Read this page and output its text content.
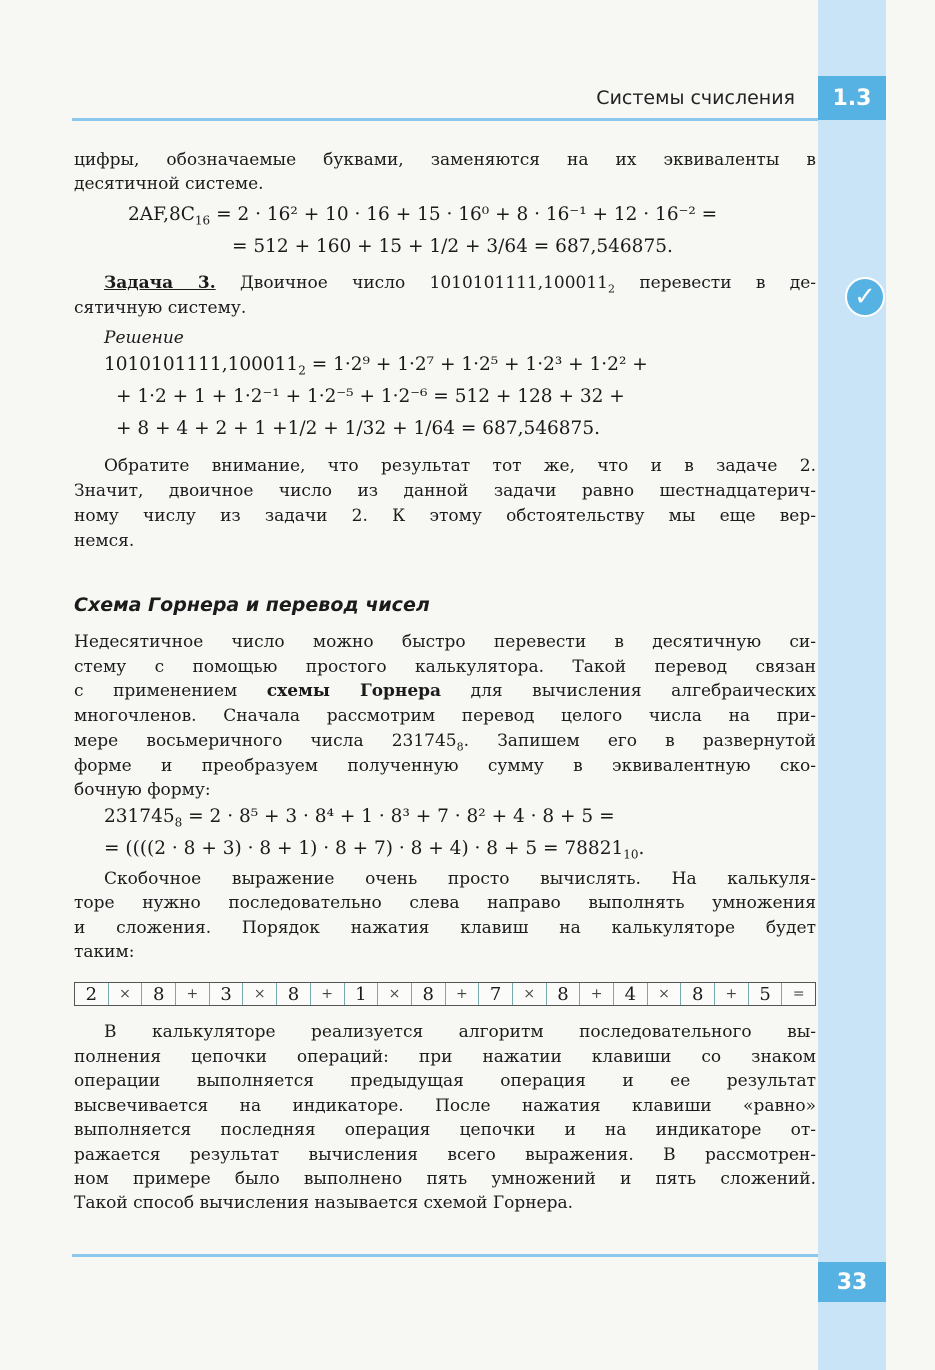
Системы счисления	1.3
✓
цифры, обозначаемые буквами, заменяются на их эквиваленты в
десятичной системе.
$2AF,8C_{16} = 2 \cdot 16^2 + 10 \cdot 16 + 15 \cdot 16^0 + 8 \cdot 16^{-1} + 12 \cdot 16^{-2}$ =
= 512 + 160 + 15 + 1/2 + 3/64 = 687,546875.
Задача 3. Двоичное число $1010101111,100011_2$ перевести в де-
сятичную систему.
Решение
$1010101111,100011_2 = 1\cdot 2^9 + 1\cdot 2^7 + 1\cdot 2^5 + 1\cdot 2^3 + 1\cdot 2^2$ +
+ 1·2 + 1 + 1·2⁻¹ + 1·2⁻⁵ + 1·2⁻⁶ = 512 + 128 + 32 +
+ 8 + 4 + 2 + 1 +1/2 + 1/32 + 1/64 = 687,546875.
Обратите внимание, что результат тот же, что и в задаче 2.
Значит, двоичное число из данной задачи равно шестнадцатерич-
ному числу из задачи 2. К этому обстоятельству мы еще вер-
немся.
Схема Горнера и перевод чисел
Недесятичное число можно быстро перевести в десятичную си-
стему с помощью простого калькулятора. Такой перевод связан
с применением схемы Горнера для вычисления алгебраических
многочленов. Сначала рассмотрим перевод целого числа на при-
мере восьмеричного числа $231745_8$. Запишем его в развернутой
форме и преобразуем полученную сумму в эквивалентную ско-
бочную форму:
$231745_8 = 2 \cdot 8^5 + 3 \cdot 8^4 + 1 \cdot 8^3 + 7 \cdot 8^2 + 4 \cdot 8 + 5$ =
= $((((2 \cdot 8 + 3) \cdot 8 + 1) \cdot 8 + 7) \cdot 8 + 4) \cdot 8 + 5 = 78821_{10}$.
Скобочное выражение очень просто вычислять. На калькуля-
торе нужно последовательно слева направо выполнять умножения
и сложения. Порядок нажатия клавиш на калькуляторе будет
таким:
2	×	8	+	3	×	8	+	1	×	8	+	7	×	8	+	4	×	8	+	5	=
В калькуляторе реализуется алгоритм последовательного вы-
полнения цепочки операций: при нажатии клавиши со знаком
операции выполняется предыдущая операция и ее результат
высвечивается на индикаторе. После нажатия клавиши «равно»
выполняется последняя операция цепочки и на индикаторе от-
ражается результат вычисления всего выражения. В рассмотрен-
ном примере было выполнено пять умножений и пять сложений.
Такой способ вычисления называется схемой Горнера.
33
